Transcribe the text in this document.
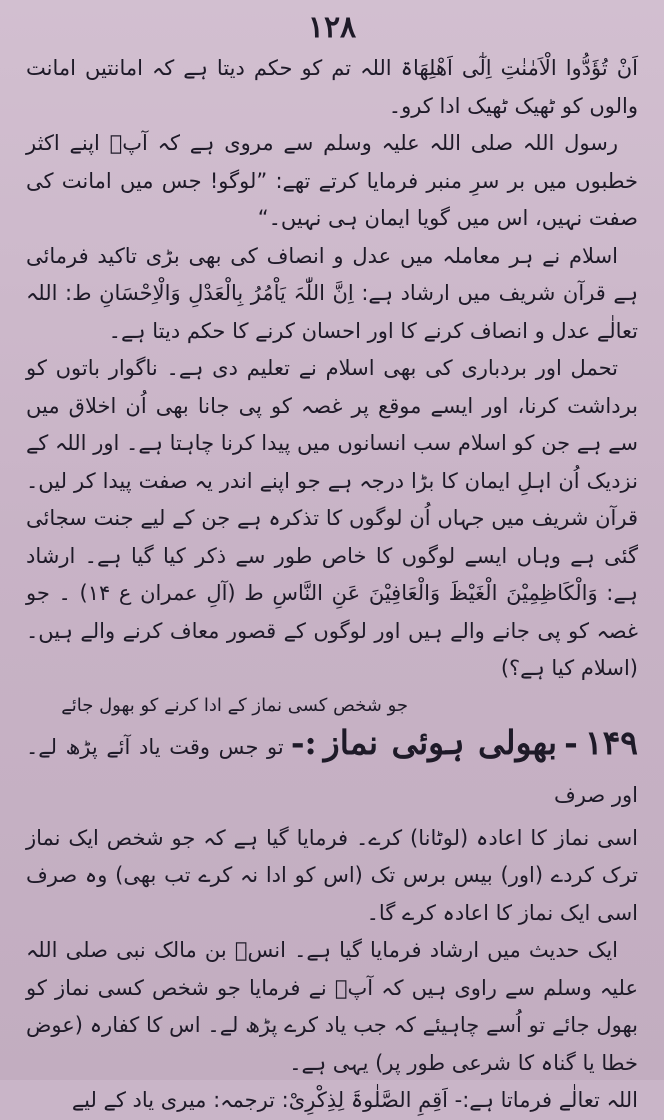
۱۲۸

اَنْ تُؤَدُّوا الْاَمٰنٰتِ اِلٰٓی اَھْلِھَاۃ اللہ تم کو حکم دیتا ہے کہ امانتیں امانت والوں کو ٹھیک ٹھیک ادا کرو۔

رسول اللہ صلی اللہ علیہ وسلم سے مروی ہے کہ آپؐ اپنے اکثر خطبوں میں بر سرِ منبر فرمایا کرتے تھے: ”لوگو! جس میں امانت کی صفت نہیں، اس میں گویا ایمان ہی نہیں۔“

اسلام نے ہر معاملہ میں عدل و انصاف کی بھی بڑی تاکید فرمائی ہے قرآن شریف میں ارشاد ہے: اِنَّ اللّٰہَ یَاْمُرُ بِالْعَدْلِ وَالْاِحْسَانِ ط: اللہ تعالٰے عدل و انصاف کرنے کا اور احسان کرنے کا حکم دیتا ہے۔

تحمل اور بردباری کی بھی اسلام نے تعلیم دی ہے۔ ناگوار باتوں کو برداشت کرنا، اور ایسے موقع پر غصہ کو پی جانا بھی اُن اخلاق میں سے ہے جن کو اسلام سب انسانوں میں پیدا کرنا چاہتا ہے۔ اور اللہ کے نزدیک اُن اہلِ ایمان کا بڑا درجہ ہے جو اپنے اندر یہ صفت پیدا کر لیں۔ قرآن شریف میں جہاں اُن لوگوں کا تذکرہ ہے جن کے لیے جنت سجائی گئی ہے وہاں ایسے لوگوں کا خاص طور سے ذکر کیا گیا ہے۔ ارشاد ہے: وَالْکَاظِمِیْنَ الْغَیْظَ وَالْعَافِیْنَ عَنِ النَّاسِ ط (آلِ عمران ع ۱۴) ۔ جو غصہ کو پی جانے والے ہیں اور لوگوں کے قصور معاف کرنے والے ہیں۔ (اسلام کیا ہے؟)

جو شخص کسی نماز کے ادا کرنے کو بھول جائے
۱۴۹ - بھولی ہوئی نماز :- تو جس وقت یاد آئے پڑھ لے۔ اور صرف

اسی نماز کا اعادہ (لوٹانا) کرے۔ فرمایا گیا ہے کہ جو شخص ایک نماز ترک کردے (اور) بیس برس تک (اس کو ادا نہ کرے تب بھی) وہ صرف اسی ایک نماز کا اعادہ کرے گا۔

ایک حدیث میں ارشاد فرمایا گیا ہے۔ انسؓ بن مالک نبی صلی اللہ علیہ وسلم سے راوی ہیں کہ آپؐ نے فرمایا جو شخص کسی نماز کو بھول جائے تو اُسے چاہیئے کہ جب یاد کرے پڑھ لے۔ اس کا کفارہ (عوض خطا یا گناہ کا شرعی طور پر) یہی ہے۔

اللہ تعالٰے فرماتا ہے:- اَقِمِ الصَّلٰوۃَ لِذِکْرِیْ: ترجمہ: میری یاد کے لیے
